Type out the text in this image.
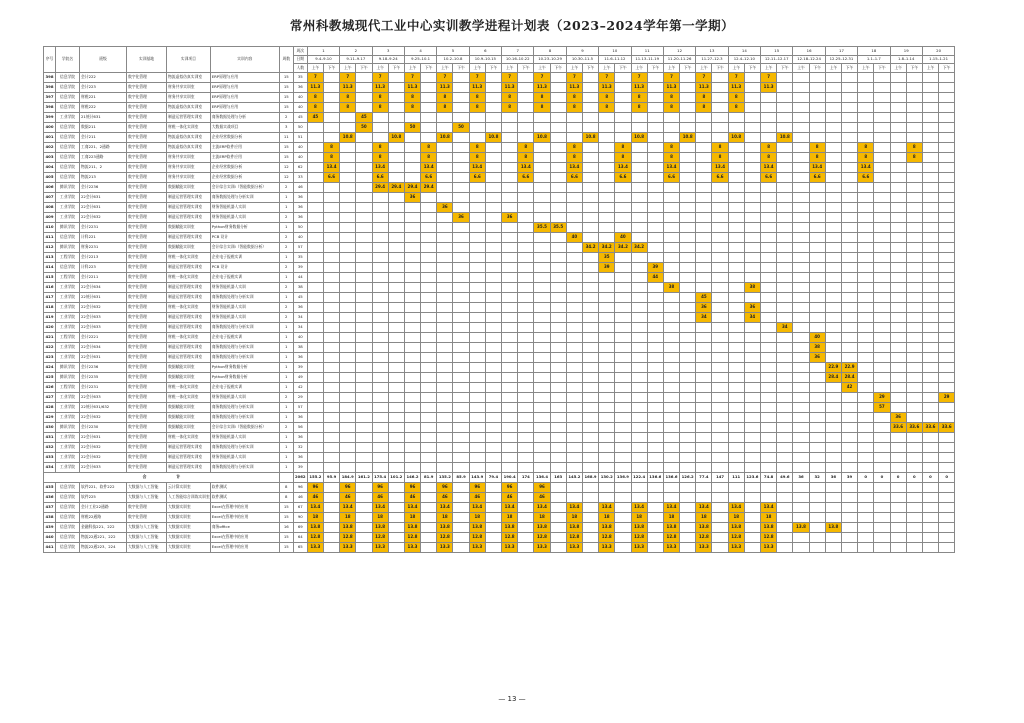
常州科教城现代工业中心实训教学进程计划表（2023–2024学年第一学期）
序号	学院名	班级	实训基地	实训项目	实训内容	周数	周次	1		2		3		4		5		6		7		8		9		10		11		12		13		14		15		16		17		18		19		20	
							日期	9.4–9.10		9.11–9.17		9.18–9.24		9.25–10.1		10.2–10.8		10.9–10.15		10.16–10.22		10.23–10.29		10.30–11.5		11.6–11.12		11.13–11.19		11.20–11.26		11.27–12.3		12.4–12.10		12.11–12.17		12.18–12.24		12.25–12.31		1.1–1.7		1.8–1.14		1.15–1.21	
							人数	上午	下午	上午	下午	上午	下午	上午	下午	上午	下午	上午	下午	上午	下午	上午	下午	上午	下午	上午	下午	上午	下午	上午	下午	上午	下午	上午	下午	上午	下午	上午	下午	上午	下午	上午	下午	上午	下午	上午	下午
398	信息学院	会计222	数字化管理	物流虚拟仿真实训室	ERP原理与应用	15	35	7		7		7		7		7		7		7		7		7		7		7		7		7		7		7											
398	信息学院	会计223	数字化管理	财务共享实训室	ERP原理与应用	15	36	11.3		11.3		11.3		11.3		11.3		11.3		11.3		11.3		11.3		11.3		11.3		11.3		11.3		11.3		11.3											
397	信息学院	财税221	数字化管理	财务共享实训室	ERP原理与应用	15	40	8		8		8		8		8		8		8		8		8		8		8		8		8		8													
398	信息学院	财税222	数字化管理	物流虚拟仿真实训室	ERP原理与应用	15	40	8		8		8		8		8		8		8		8		8		8		8		8		8		8													
399	工业学院	21统计631	数字化管理	制造运营管理实训室	商务数据处理与分析	2	45	45			45																																				
400	信息学院	数据211	数字化管理	财税一体化实训室	大数据实战项目	3	50				50			50			50																														
401	信息学院	会计211	数字化管理	物流虚拟仿真实训室	企业经营数据分析	11	51			10.8			10.8			10.8			10.8			10.8			10.8			10.8			10.8			10.8			10.8										
402	信息学院	工商221、2通路	数字化管理	物流虚拟仿真实训室	主流ERP软件应用	15	40		8			8			8			8			8			8			8			8			8			8			8			8			8		
403	信息学院	工商223通路	数字化管理	财务共享实训室	主流ERP软件应用	15	40		8			8			8			8			8			8			8			8			8			8			8			8			8		
404	信息学院	物流211、2	数字化管理	财务共享实训室	企业经营数据分析	12	62		13.4			13.4			13.4			13.4			13.4			13.4			13.4			13.4			13.4			13.4			13.4			13.4					
405	信息学院	物流213	数字化管理	财务共享实训室	企业经营数据分析	12	33		6.6			6.6			6.6			6.6			6.6			6.6			6.6			6.6			6.6			6.6			6.6			6.6					
406	腾讯学院	会计2236	数字化管理	数据赋能实训室	会计综合实训Ⅰ（智能数据分析）	2	46					29.4	29.4	29.4	29.4																																
407	工业学院	22会计631	数字化管理	制造运营管理实训室	商务数据处理与分析实训	1	36							36																																	
408	工业学院	22会计631	数字化管理	制造运营管理实训室	财务智能机器人实训	1	36									36																															
409	工业学院	22会计632	数字化管理	制造运营管理实训室	财务智能机器人实训	2	36										36			36																											
410	腾讯学院	会计2231	数字化管理	数据赋能实训室	Python财务数据分析	1	50															35.5	35.5																								
411	信息学院	计科221	数字化管理	制造运营管理实训室	PCB 设计	2	40																	40			40																				
412	腾讯学院	财务2231	数字化管理	数据赋能实训室	会计综合实训Ⅰ（智能数据分析）	2	57																		34.2	34.2	34.2	34.2																			
413	工程学院	会计2213	数字化管理	财税一体化实训室	企业电子报税实训	1	35																			35																					
414	信息学院	计科223	数字化管理	制造运营管理实训室	PCB 设计	2	39																			39			39																		
415	工程学院	会计2211	数字化管理	财税一体化实训室	企业电子报税实训	1	44																						44																		
416	工业学院	22会计634	数字化管理	制造运营管理实训室	财务智能机器人实训	2	38																							38					38												
417	工业学院	22统计631	数字化管理	制造运营管理实训室	商务数据处理与分析实训	1	45																									45															
418	工业学院	22会计632	数字化管理	财税一体化实训室	财务智能机器人实训	2	36																									36			36												
419	工业学院	22会计633	数字化管理	制造运营管理实训室	财务智能机器人实训	2	34																									34			34												
420	工业学院	22会计633	数字化管理	制造运营管理实训室	商务数据处理与分析实训	1	34																														34										
421	工程学院	会计2221	数字化管理	财税一体化实训室	企业电子报税实训	1	40																																40								
422	工业学院	22会计634	数字化管理	制造运营管理实训室	商务数据处理与分析实训	1	38																																38								
423	工业学院	22会计631	数字化管理	制造运营管理实训室	商务数据处理与分析实训	1	36																																36								
424	腾讯学院	会计2236	数字化管理	数据赋能实训室	Python财务数据分析	1	39																																	22.9	22.9						
425	腾讯学院	会计2235	数字化管理	数据赋能实训室	Python财务数据分析	1	49																																	28.4	28.4						
426	工程学院	会计2231	数字化管理	财税一体化实训室	企业电子报税实训	1	42																																		42						
427	工业学院	22会计633	数字化管理	财税一体化实训室	财务智能机器人实训	2	29																																				29				29
428	工业学院	22统计631/632	数字化管理	数据赋能实训室	商务数据处理与分析实训	1	57																																				57				
429	工业学院	22会计632	数字化管理	数据赋能实训室	商务数据处理与分析实训	1	36																																					36			
430	腾讯学院	会计2230	数字化管理	数据赋能实训室	会计综合实训Ⅰ（智能数据分析）	2	56																																					33.6	33.6	33.6	33.6
431	工业学院	22会计631	数字化管理	财税一体化实训室	财务智能机器人实训	1	36																																								
432	工业学院	22会计632	数字化管理	制造运营管理实训室	商务数据处理与分析实训	1	32																																								
433	工业学院	22会计632	数字化管理	制造运营管理实训室	财务智能机器人实训	1	36																																								
434	工业学院	22会计633	数字化管理	制造运营管理实训室	商务数据处理与分析实训	1	39																																								
合 计							2062	155.2	95.9	184.9	161.2	175.4	101.2	146.2	81.9	135.2	85.9	143.9	79.4	190.4	174	136.4	163	145.2	168.9	130.2	136.9	122.4	136.6	136.6	126.2	77.4	147	111	123.6	74.8	49.6	36	32	36	39	0	0	0	0	0	0
435	信息学院	软件221、软件222	大数据与人工智能	云计算实训室	软件测试	8	96	96		96		96		96		96		96		96		96																									
436	信息学院	软件225	大数据与人工智能	人工智能综合训练实训室	软件测试	8	46	46		46		46		46		46		46		46		46																									
437	信息学院	会计工业22通路	数字化管理	大数据实训室	Excel在管理中的应用	15	67	13.4		13.4		13.4		13.4		13.4		13.4		13.4		13.4		13.4		13.4		13.4		13.4		13.4		13.4		13.4											
438	信息学院	财税22通路	数字化管理	大数据实训室	Excel在管理中的应用	15	90	18		18		18		18		18		18		18		18		18		18		18		18		18		18		18											
439	信息学院	金融科技221、222	大数据与人工智能	大数据实训室	商务office	16	69	13.8		13.8		13.8		13.8		13.8		13.8		13.8		13.8		13.8		13.8		13.8		13.8		13.8		13.8		13.8		13.8		13.8							
440	信息学院	物流22通221、222	大数据与人工智能	大数据实训室	Excel在管理中的应用	15	64	12.8		12.8		12.8		12.8		12.8		12.8		12.8		12.8		12.8		12.8		12.8		12.8		12.8		12.8		12.8											
441	信息学院	物流22通223、224	大数据与人工智能	大数据实训室	Excel在管理中的应用	15	65	13.3		13.3		13.3		13.3		13.3		13.3		13.3		13.3		13.3		13.3		13.3		13.3		13.3		13.3		13.3											
— 13 —
